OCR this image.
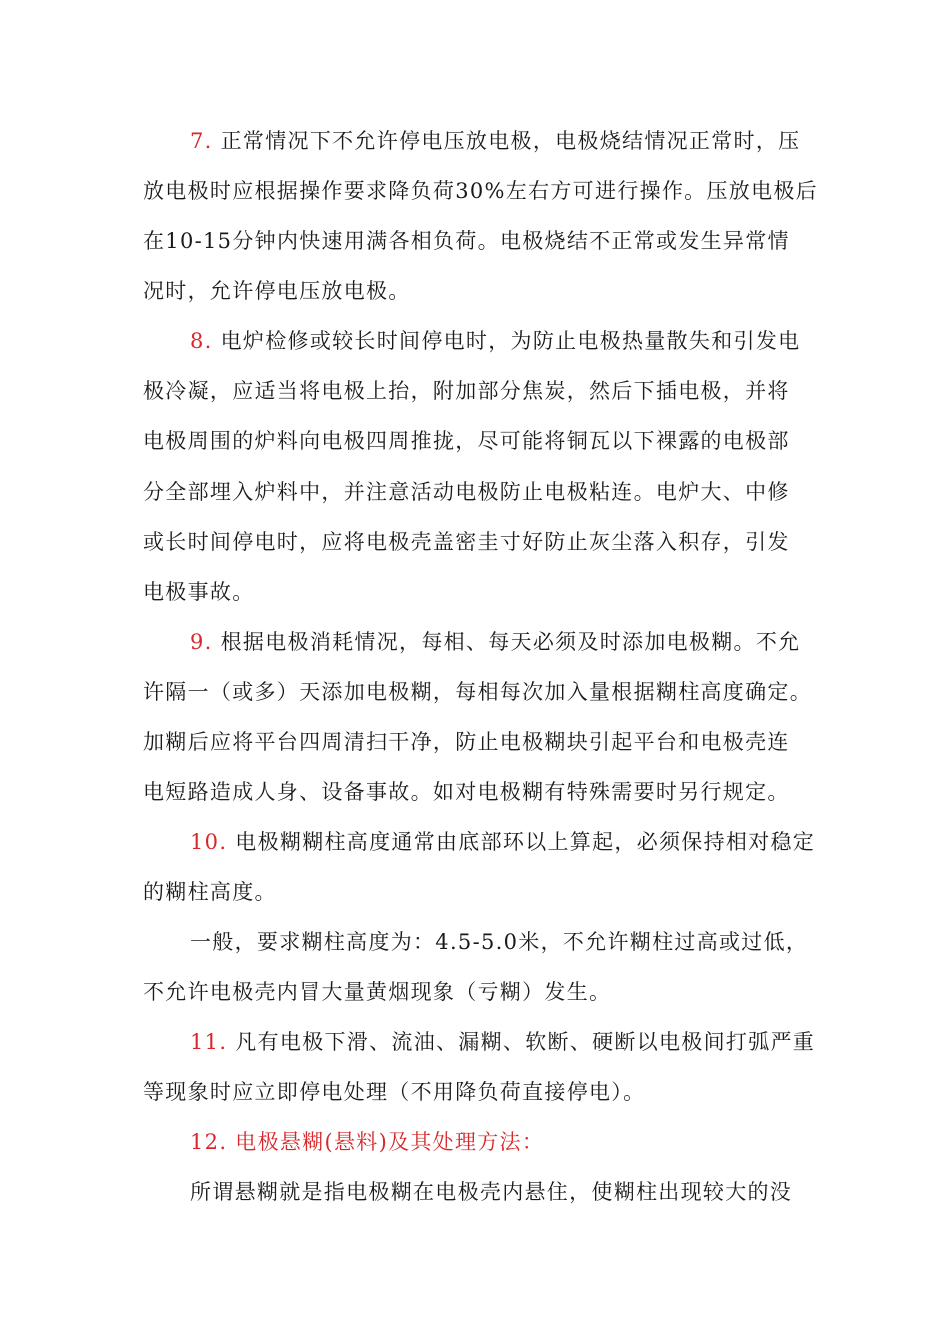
7. 正常情况下不允许停电压放电极，电极烧结情况正常时，压
放电极时应根据操作要求降负荷30%左右方可进行操作。压放电极后
在10-15分钟内快速用满各相负荷。电极烧结不正常或发生异常情
况时，允许停电压放电极。
8. 电炉检修或较长时间停电时，为防止电极热量散失和引发电
极冷凝，应适当将电极上抬，附加部分焦炭，然后下插电极，并将
电极周围的炉料向电极四周推拢，尽可能将铜瓦以下裸露的电极部
分全部埋入炉料中，并注意活动电极防止电极粘连。电炉大、中修
或长时间停电时，应将电极壳盖密圭寸好防止灰尘落入积存，引发
电极事故。
9. 根据电极消耗情况，每相、每天必须及时添加电极糊。不允
许隔一（或多）天添加电极糊，每相每次加入量根据糊柱高度确定。
加糊后应将平台四周清扫干净，防止电极糊块引起平台和电极壳连
电短路造成人身、设备事故。如对电极糊有特殊需要时另行规定。
10. 电极糊糊柱高度通常由底部环以上算起，必须保持相对稳定
的糊柱高度。
一般，要求糊柱高度为：4.5-5.0米，不允许糊柱过高或过低，
不允许电极壳内冒大量黄烟现象（亏糊）发生。
11. 凡有电极下滑、流油、漏糊、软断、硬断以电极间打弧严重
等现象时应立即停电处理（不用降负荷直接停电）。
12. 电极悬糊(悬料)及其处理方法：
所谓悬糊就是指电极糊在电极壳内悬住，使糊柱出现较大的没
